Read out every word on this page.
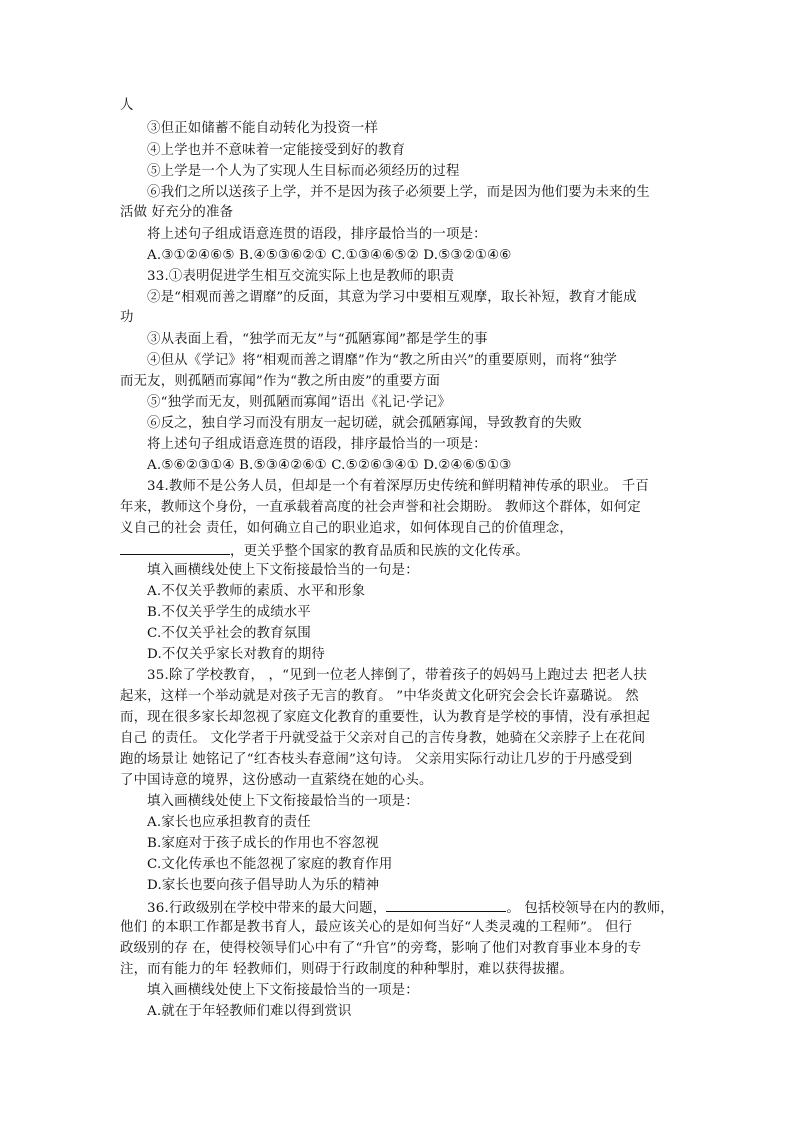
人
③但正如储蓄不能自动转化为投资一样
④上学也并不意味着一定能接受到好的教育
⑤上学是一个人为了实现人生目标而必须经历的过程
⑥我们之所以送孩子上学，并不是因为孩子必须要上学，而是因为他们要为未来的生
活做 好充分的准备
将上述句子组成语意连贯的语段，排序最恰当的一项是：
A.③①②④⑥⑤ B.④⑤③⑥②① C.①③④⑥⑤② D.⑤③②①④⑥
33.①表明促进学生相互交流实际上也是教师的职责
②是“相观而善之谓靡”的反面，其意为学习中要相互观摩，取长补短，教育才能成
功
③从表面上看，“独学而无友”与“孤陋寡闻”都是学生的事
④但从《学记》将“相观而善之谓靡”作为“教之所由兴”的重要原则，而将“独学
而无友，则孤陋而寡闻”作为“教之所由废”的重要方面
⑤“独学而无友，则孤陋而寡闻”语出《礼记·学记》
⑥反之，独自学习而没有朋友一起切磋，就会孤陋寡闻，导致教育的失败
将上述句子组成语意连贯的语段，排序最恰当的一项是：
A.⑤⑥②③①④ B.⑤③④②⑥① C.⑤②⑥③④① D.②④⑥⑤①③
34.教师不是公务人员，但却是一个有着深厚历史传统和鲜明精神传承的职业。 千百
年来，教师这个身份，一直承载着高度的社会声誉和社会期盼。 教师这个群体，如何定
义自己的社会 责任，如何确立自己的职业追求，如何体现自己的价值理念，
，更关乎整个国家的教育品质和民族的文化传承。
填入画横线处使上下文衔接最恰当的一句是：
A.不仅关乎教师的素质、水平和形象
B.不仅关乎学生的成绩水平
C.不仅关乎社会的教育氛围
D.不仅关乎家长对教育的期待
35.除了学校教育， ，“见到一位老人摔倒了，带着孩子的妈妈马上跑过去 把老人扶
起来，这样一个举动就是对孩子无言的教育。 ”中华炎黄文化研究会会长许嘉璐说。 然
而，现在很多家长却忽视了家庭文化教育的重要性，认为教育是学校的事情，没有承担起
自己 的责任。 文化学者于丹就受益于父亲对自己的言传身教，她骑在父亲脖子上在花间
跑的场景让 她铭记了“红杏枝头春意闹”这句诗。 父亲用实际行动让几岁的于丹感受到
了中国诗意的境界，这份感动一直萦绕在她的心头。
填入画横线处使上下文衔接最恰当的一项是：
A.家长也应承担教育的责任
B.家庭对于孩子成长的作用也不容忽视
C.文化传承也不能忽视了家庭的教育作用
D.家长也要向孩子倡导助人为乐的精神
36.行政级别在学校中带来的最大问题，	。 包括校领导在内的教师，
他们 的本职工作都是教书育人，最应该关心的是如何当好“人类灵魂的工程师”。 但行
政级别的存 在，使得校领导们心中有了“升官”的旁骛，影响了他们对教育事业本身的专
注，而有能力的年 轻教师们，则碍于行政制度的种种掣肘，难以获得拔擢。
填入画横线处使上下文衔接最恰当的一项是：
A.就在于年轻教师们难以得到赏识
